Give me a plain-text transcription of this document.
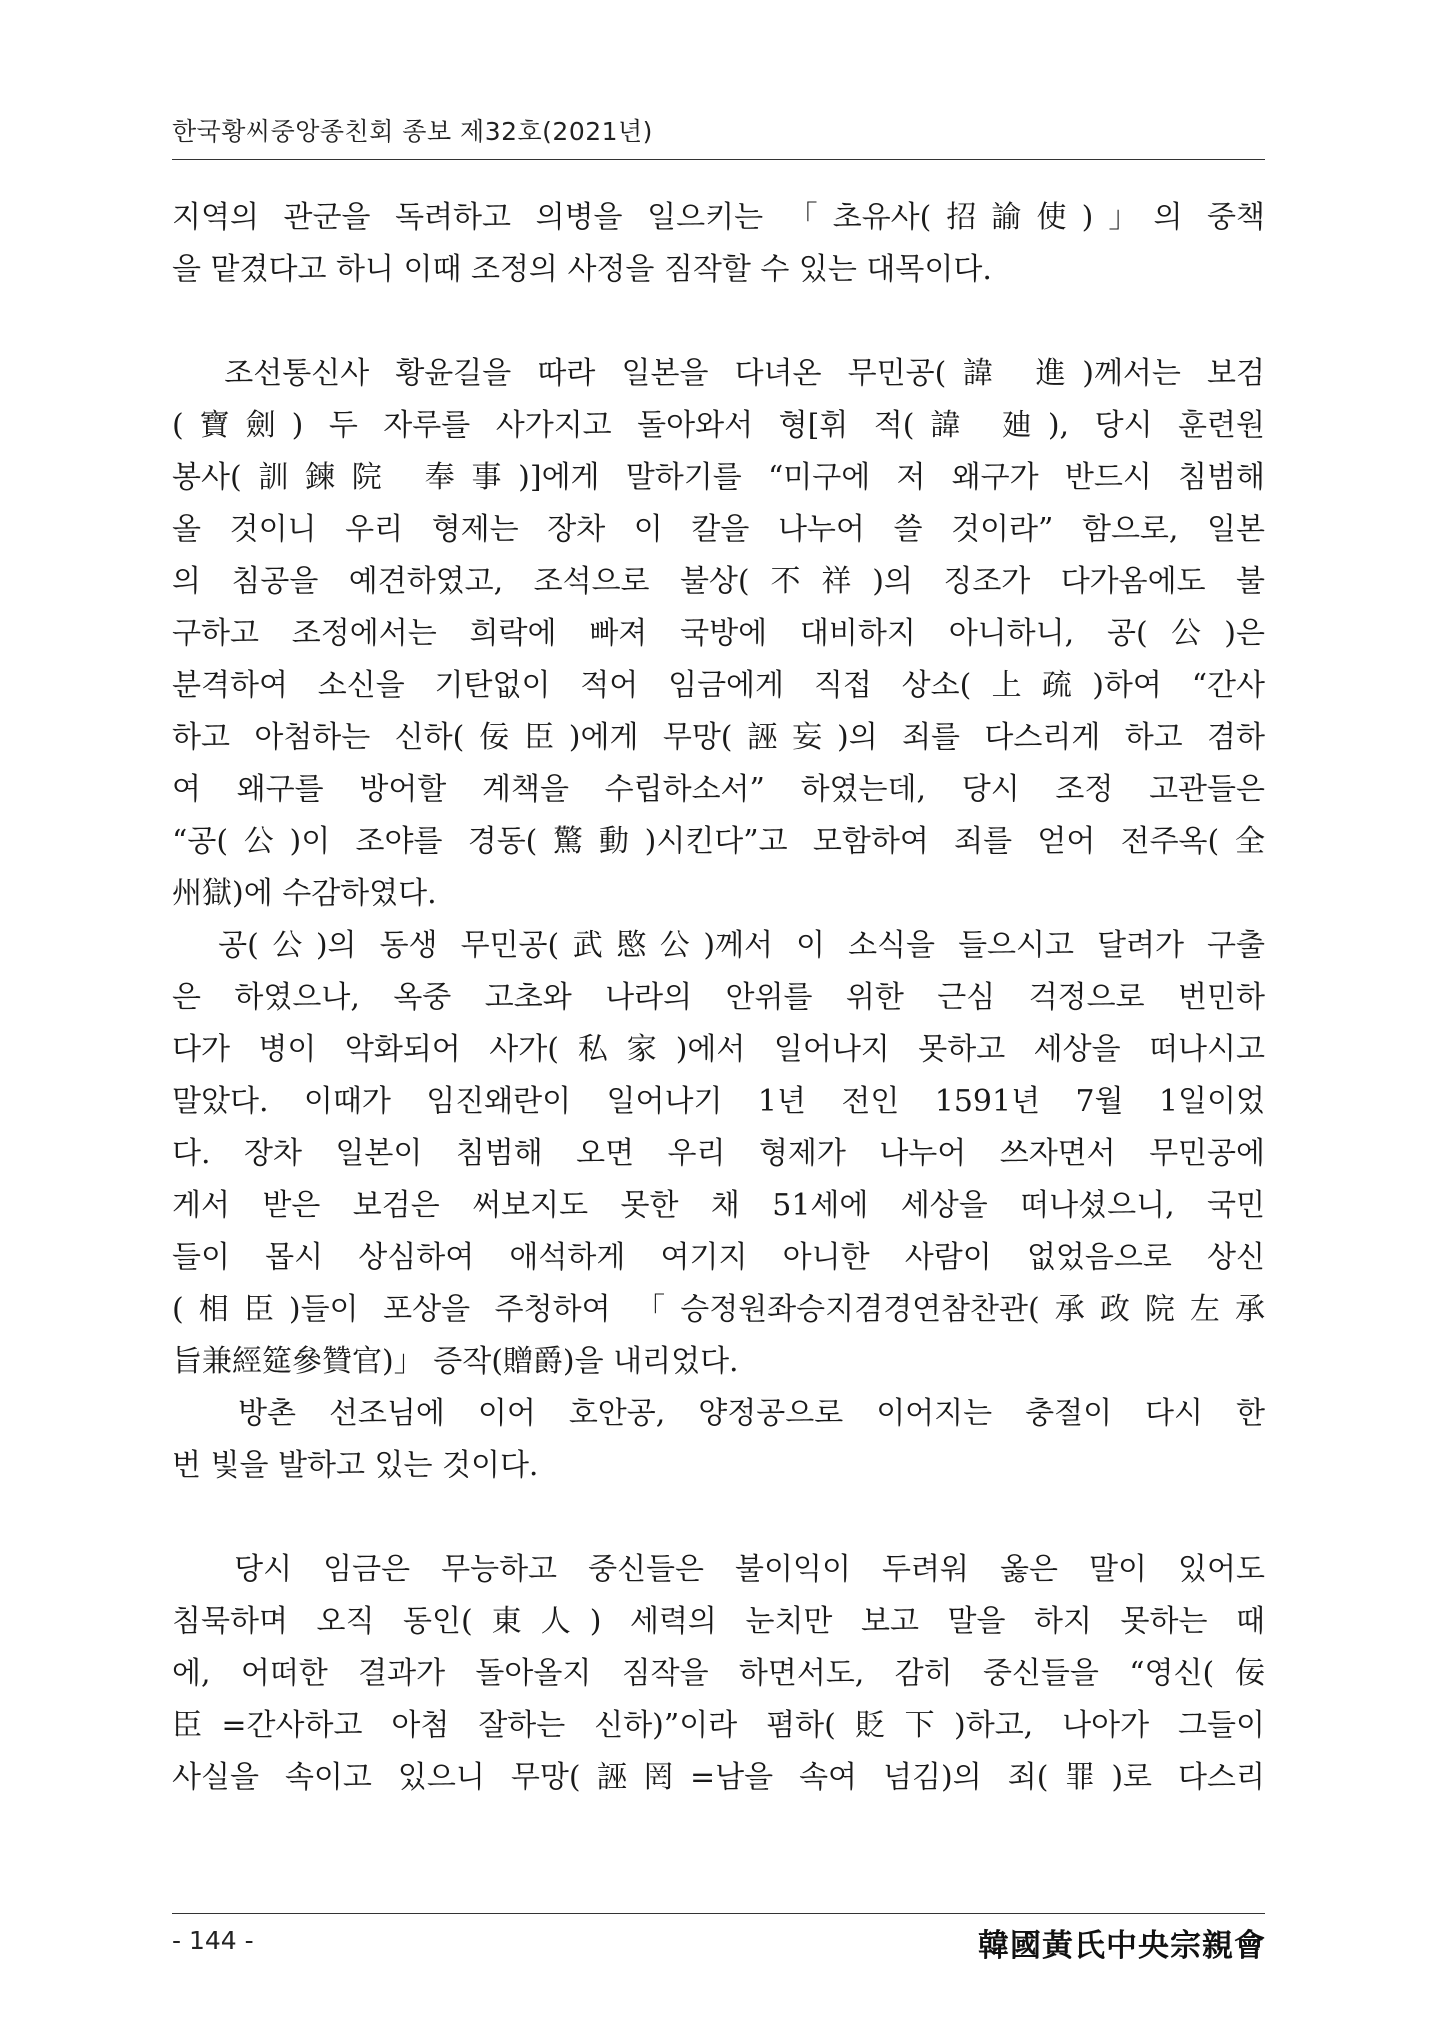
한국황씨중앙종친회 종보 제32호(2021년)
지역의 관군을 독려하고 의병을 일으키는 「초유사(招諭使)」의 중책
을 맡겼다고 하니 이때 조정의 사정을 짐작할 수 있는 대목이다.
조선통신사 황윤길을 따라 일본을 다녀온 무민공(諱 進)께서는 보검
(寶劍) 두 자루를 사가지고 돌아와서 형[휘 적(諱 廸), 당시 훈련원
봉사(訓鍊院 奉事)]에게 말하기를 “미구에 저 왜구가 반드시 침범해
올 것이니 우리 형제는 장차 이 칼을 나누어 쓸 것이라” 함으로, 일본
의 침공을 예견하였고, 조석으로 불상(不祥)의 징조가 다가옴에도 불
구하고 조정에서는 희락에 빠져 국방에 대비하지 아니하니, 공(公)은
분격하여 소신을 기탄없이 적어 임금에게 직접 상소(上疏)하여 “간사
하고 아첨하는 신하(佞臣)에게 무망(誣妄)의 죄를 다스리게 하고 겸하
여 왜구를 방어할 계책을 수립하소서” 하였는데, 당시 조정 고관들은
“공(公)이 조야를 경동(驚動)시킨다”고 모함하여 죄를 얻어 전주옥(全
州獄)에 수감하였다.
공(公)의 동생 무민공(武愍公)께서 이 소식을 들으시고 달려가 구출
은 하였으나, 옥중 고초와 나라의 안위를 위한 근심 걱정으로 번민하
다가 병이 악화되어 사가(私家)에서 일어나지 못하고 세상을 떠나시고
말았다. 이때가 임진왜란이 일어나기 1년 전인 1591년 7월 1일이었
다. 장차 일본이 침범해 오면 우리 형제가 나누어 쓰자면서 무민공에
게서 받은 보검은 써보지도 못한 채 51세에 세상을 떠나셨으니, 국민
들이 몹시 상심하여 애석하게 여기지 아니한 사람이 없었음으로 상신
(相臣)들이 포상을 주청하여 「승정원좌승지겸경연참찬관(承政院左承
旨兼經筵參贊官)」 증작(贈爵)을 내리었다.
방촌 선조님에 이어 호안공, 양정공으로 이어지는 충절이 다시 한
번 빛을 발하고 있는 것이다.
당시 임금은 무능하고 중신들은 불이익이 두려워 옳은 말이 있어도
침묵하며 오직 동인(東人) 세력의 눈치만 보고 말을 하지 못하는 때
에, 어떠한 결과가 돌아올지 짐작을 하면서도, 감히 중신들을 “영신(佞
臣=간사하고 아첨 잘하는 신하)”이라 폄하(貶下)하고, 나아가 그들이
사실을 속이고 있으니 무망(誣罔=남을 속여 넘김)의 죄(罪)로 다스리
- 144 -	韓國黃氏中央宗親會
